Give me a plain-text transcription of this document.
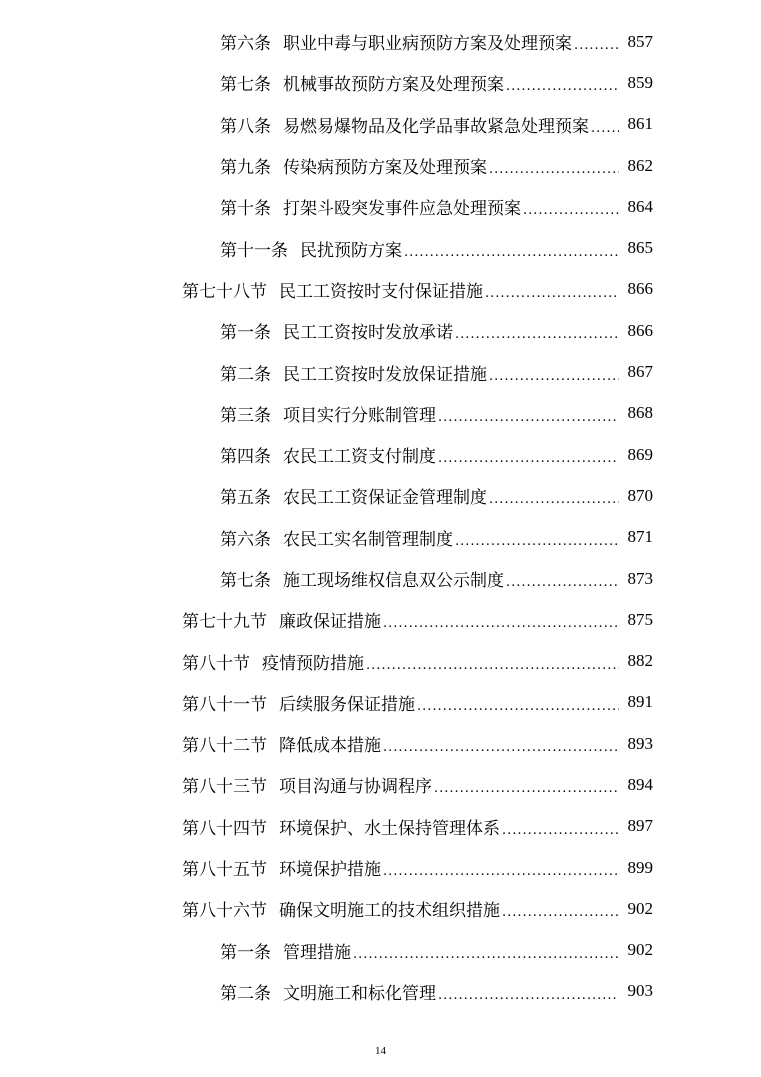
第六条 职业中毒与职业病预防方案及处理预案 .....	857
第七条 机械事故预防方案及处理预案 .....	859
第八条 易燃易爆物品及化学品事故紧急处理预案 .....	861
第九条 传染病预防方案及处理预案 .....	862
第十条 打架斗殴突发事件应急处理预案 .....	864
第十一条 民扰预防方案 .....	865
第七十八节 民工工资按时支付保证措施 .....	866
第一条 民工工资按时发放承诺 .....	866
第二条 民工工资按时发放保证措施 .....	867
第三条 项目实行分账制管理 .....	868
第四条 农民工工资支付制度 .....	869
第五条 农民工工资保证金管理制度 .....	870
第六条 农民工实名制管理制度 .....	871
第七条 施工现场维权信息双公示制度 .....	873
第七十九节 廉政保证措施 .....	875
第八十节 疫情预防措施 .....	882
第八十一节 后续服务保证措施 .....	891
第八十二节 降低成本措施 .....	893
第八十三节 项目沟通与协调程序 .....	894
第八十四节 环境保护、水土保持管理体系 .....	897
第八十五节 环境保护措施 .....	899
第八十六节 确保文明施工的技术组织措施 .....	902
第一条 管理措施 .....	902
第二条 文明施工和标化管理 .....	903
14
